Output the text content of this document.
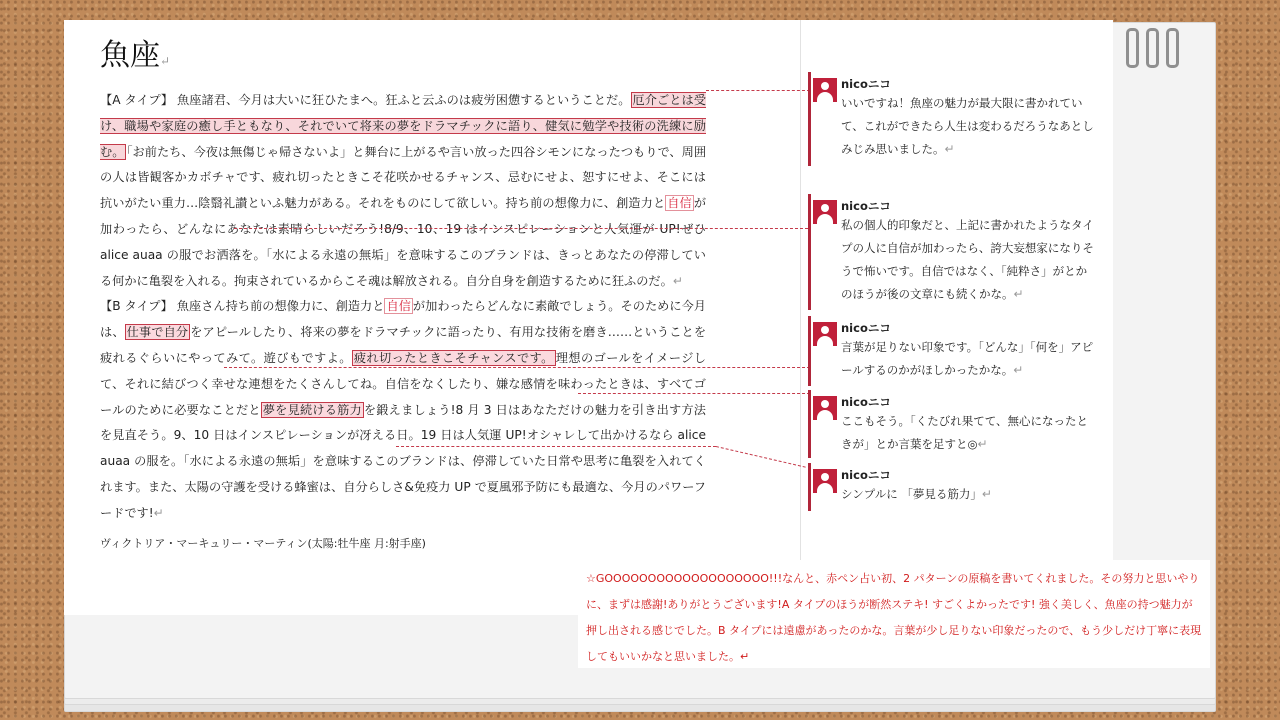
魚座↵
【A タイプ】 魚座諸君、今月は大いに狂ひたまへ。狂ふと云ふのは疲労困憊するということだ。 厄介ごとは受け、職場や家庭の癒し手ともなり、それでいて将来の夢をドラマチックに語り、健気に勉学や技術の洗練に励む。 「お前たち、今夜は無傷じゃ帰さないよ」と舞台に上がるや言い放った四谷シモンになったつもりで、周囲の人は皆観客かカボチャです、疲れ切ったときこそ花咲かせるチャンス、忌むにせよ、恕すにせよ、そこには抗いがたい重力…陰翳礼讃といふ魅力がある。それをものにして欲しい。持ち前の想像力に、創造力と 自信 が加わったら、どんなにあなたは素晴らしいだろう!8/9、10、19 はインスピレーションと人気運が UP!ぜひ alice auaa の服でお洒落を。「水による永遠の無垢」を意味するこのブランドは、きっとあなたの停滞している何かに亀裂を入れる。拘束されているからこそ魂は解放される。自分自身を創造するために狂ふのだ。↵
【B タイプ】 魚座さん持ち前の想像力に、創造力と 自信 が加わったらどんなに素敵でしょう。そのために今月は、 仕事で自分 をアピールしたり、将来の夢をドラマチックに語ったり、有用な技術を磨き……ということを疲れるぐらいにやってみて。遊びもですよ。 疲れ切ったときこそチャンスです。 理想のゴールをイメージして、それに結びつく幸せな連想をたくさんしてね。自信をなくしたり、嫌な感情を味わったときは、すべてゴールのために必要なことだと 夢を見続ける筋力 を鍛えましょう!8 月 3 日はあなただけの魅力を引き出す方法を見直そう。9、10 日はインスピレーションが冴える日。19 日は人気運 UP!オシャレして出かけるなら alice auaa の服を。「水による永遠の無垢」を意味するこのブランドは、停滞していた日常や思考に亀裂を入れてくれます。また、太陽の守護を受ける蜂蜜は、自分らしさ&免疫力 UP で夏風邪予防にも最適な、今月のパワーフードです!↵
ヴィクトリア・マーキュリー・マーティン(太陽:牡牛座 月:射手座)
nicoニコ
いいですね！魚座の魅力が最大限に書かれていて、これができたら人生は変わるだろうなあとしみじみ思いました。↵
nicoニコ
私の個人的印象だと、上記に書かれたようなタイプの人に自信が加わったら、誇大妄想家になりそうで怖いです。自信ではなく、「純粋さ」がとかのほうが後の文章にも続くかな。↵
nicoニコ
言葉が足りない印象です。「どんな」「何を」アピールするのかがほしかったかな。↵
nicoニコ
ここもそう。「くたびれ果てて、無心になったときが」とか言葉を足すと◎↵
nicoニコ
シンプルに 「夢見る筋力」↵
☆GOOOOOOOOOOOOOOOOOOO!!!なんと、赤ペン占い初、2 パターンの原稿を書いてくれました。その努力と思いやりに、まずは感謝!ありがとうございます!A タイプのほうが断然ステキ! すごくよかったです! 強く美しく、魚座の持つ魅力が押し出される感じでした。B タイプには遠慮があったのかな。言葉が少し足りない印象だったので、もう少しだけ丁寧に表現してもいいかなと思いました。↵
